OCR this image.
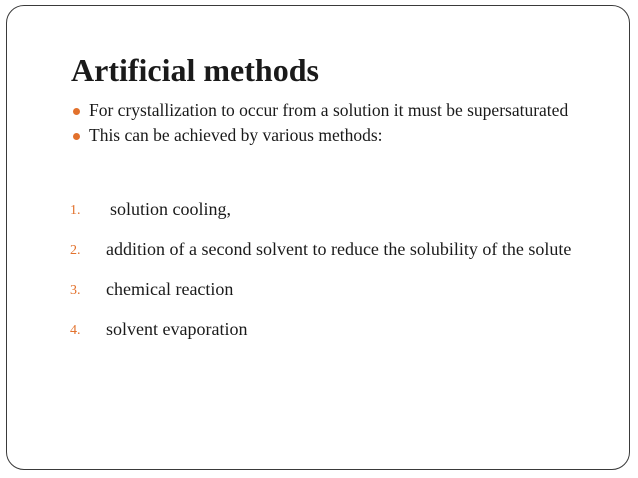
Artificial methods
For crystallization to occur from a solution it must be supersaturated
This can be achieved by various methods:
1. solution cooling,
2. addition of a second solvent to reduce the solubility of the solute
3. chemical reaction
4. solvent evaporation
